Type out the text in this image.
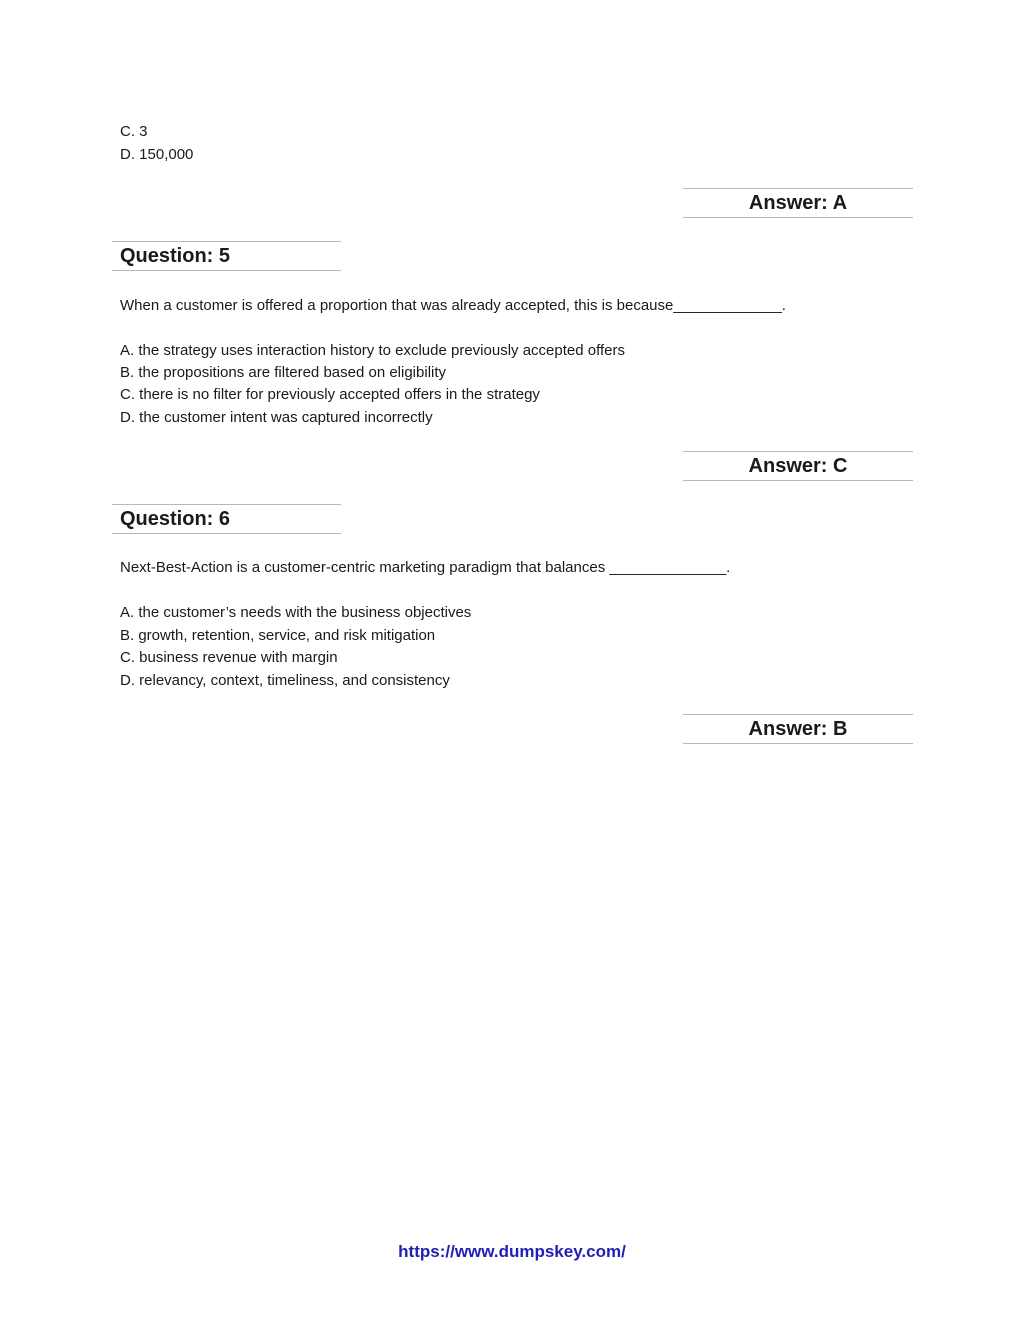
C. 3
D. 150,000
Answer: A
Question: 5
When a customer is offered a proportion that was already accepted, this is because_____________.
A. the strategy uses interaction history to exclude previously accepted offers
B. the propositions are filtered based on eligibility
C. there is no filter for previously accepted offers in the strategy
D. the customer intent was captured incorrectly
Answer: C
Question: 6
Next-Best-Action is a customer-centric marketing paradigm that balances ______________.
A. the customer’s needs with the business objectives
B. growth, retention, service, and risk mitigation
C. business revenue with margin
D. relevancy, context, timeliness, and consistency
Answer: B
https://www.dumpskey.com/
